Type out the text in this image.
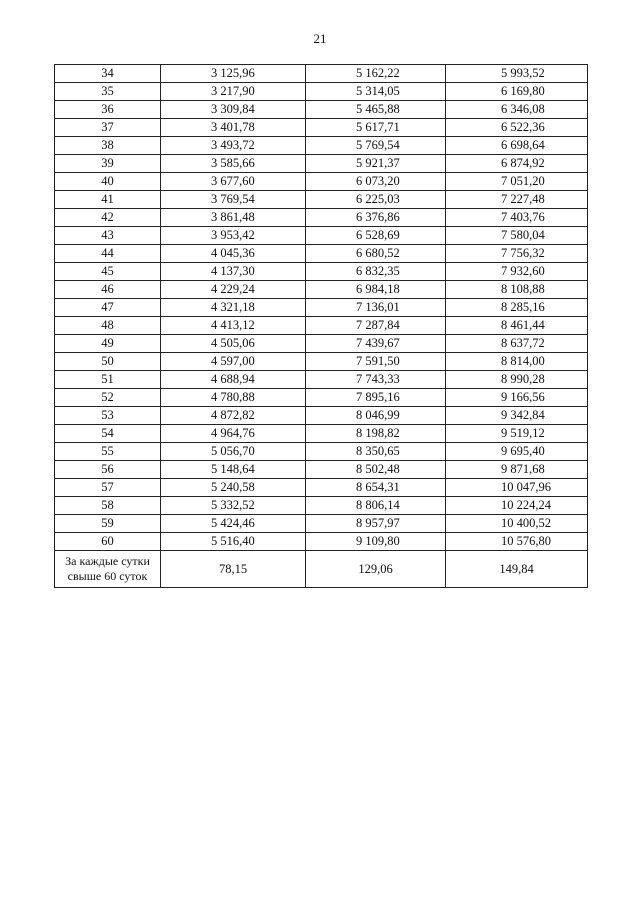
21
34	3 125,96	5 162,22	5 993,52
35	3 217,90	5 314,05	6 169,80
36	3 309,84	5 465,88	6 346,08
37	3 401,78	5 617,71	6 522,36
38	3 493,72	5 769,54	6 698,64
39	3 585,66	5 921,37	6 874,92
40	3 677,60	6 073,20	7 051,20
41	3 769,54	6 225,03	7 227,48
42	3 861,48	6 376,86	7 403,76
43	3 953,42	6 528,69	7 580,04
44	4 045,36	6 680,52	7 756,32
45	4 137,30	6 832,35	7 932,60
46	4 229,24	6 984,18	8 108,88
47	4 321,18	7 136,01	8 285,16
48	4 413,12	7 287,84	8 461,44
49	4 505,06	7 439,67	8 637,72
50	4 597,00	7 591,50	8 814,00
51	4 688,94	7 743,33	8 990,28
52	4 780,88	7 895,16	9 166,56
53	4 872,82	8 046,99	9 342,84
54	4 964,76	8 198,82	9 519,12
55	5 056,70	8 350,65	9 695,40
56	5 148,64	8 502,48	9 871,68
57	5 240,58	8 654,31	10 047,96
58	5 332,52	8 806,14	10 224,24
59	5 424,46	8 957,97	10 400,52
60	5 516,40	9 109,80	10 576,80
За каждые сутки
свыше 60 суток	78,15	129,06	149,84
